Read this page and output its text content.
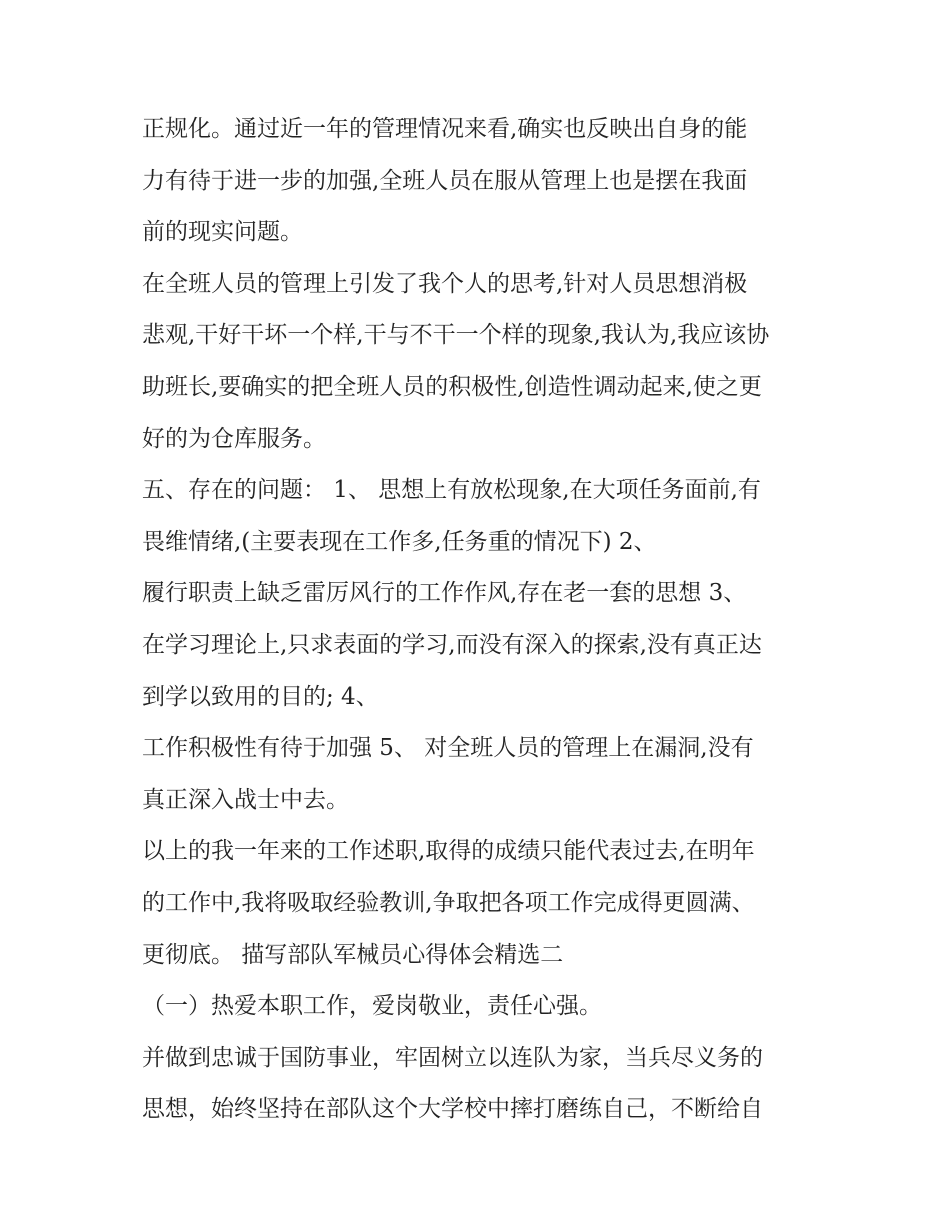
正规化。通过近一年的管理情况来看,确实也反映出自身的能
力有待于进一步的加强,全班人员在服从管理上也是摆在我面
前的现实问题。
在全班人员的管理上引发了我个人的思考,针对人员思想消极
悲观,干好干坏一个样,干与不干一个样的现象,我认为,我应该协
助班长,要确实的把全班人员的积极性,创造性调动起来,使之更
好的为仓库服务。
五、存在的问题： 1、 思想上有放松现象,在大项任务面前,有
畏维情绪,(主要表现在工作多,任务重的情况下) 2、
履行职责上缺乏雷厉风行的工作作风,存在老一套的思想 3、
在学习理论上,只求表面的学习,而没有深入的探索,没有真正达
到学以致用的目的; 4、
工作积极性有待于加强 5、 对全班人员的管理上在漏洞,没有
真正深入战士中去。
以上的我一年来的工作述职,取得的成绩只能代表过去,在明年
的工作中,我将吸取经验教训,争取把各项工作完成得更圆满、
更彻底。 描写部队军械员心得体会精选二
（一）热爱本职工作，爱岗敬业，责任心强。
并做到忠诚于国防事业，牢固树立以连队为家，当兵尽义务的
思想，始终坚持在部队这个大学校中摔打磨练自己，不断给自
